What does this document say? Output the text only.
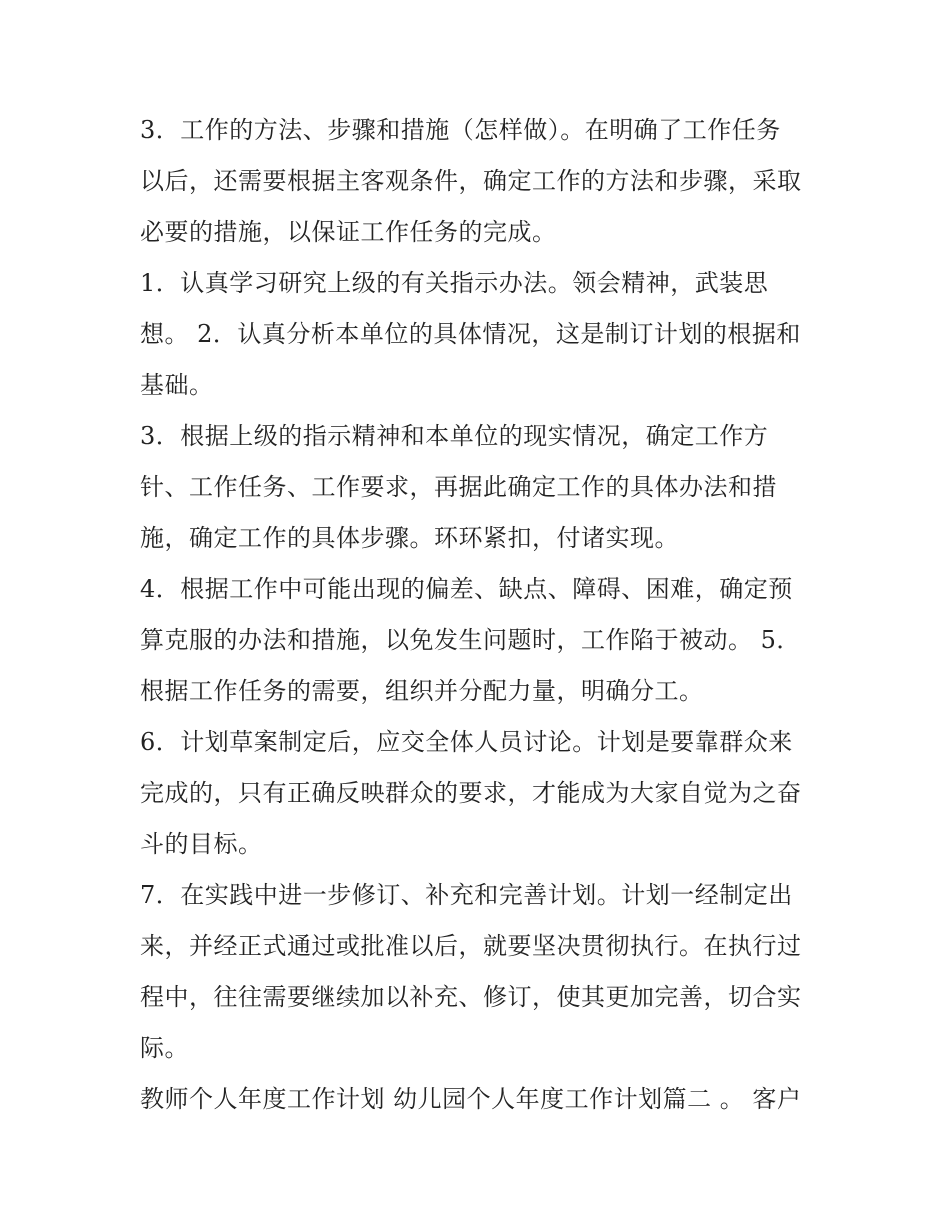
3．工作的方法、步骤和措施（怎样做）。在明确了工作任务
以后，还需要根据主客观条件，确定工作的方法和步骤，采取
必要的措施，以保证工作任务的完成。
1．认真学习研究上级的有关指示办法。领会精神，武装思
想。 2．认真分析本单位的具体情况，这是制订计划的根据和
基础。
3．根据上级的指示精神和本单位的现实情况，确定工作方
针、工作任务、工作要求，再据此确定工作的具体办法和措
施，确定工作的具体步骤。环环紧扣，付诸实现。
4．根据工作中可能出现的偏差、缺点、障碍、困难，确定预
算克服的办法和措施，以免发生问题时，工作陷于被动。 5．
根据工作任务的需要，组织并分配力量，明确分工。
6．计划草案制定后，应交全体人员讨论。计划是要靠群众来
完成的，只有正确反映群众的要求，才能成为大家自觉为之奋
斗的目标。
7．在实践中进一步修订、补充和完善计划。计划一经制定出
来，并经正式通过或批准以后，就要坚决贯彻执行。在执行过
程中，往往需要继续加以补充、修订，使其更加完善，切合实
际。
教师个人年度工作计划 幼儿园个人年度工作计划篇二 。 客户
